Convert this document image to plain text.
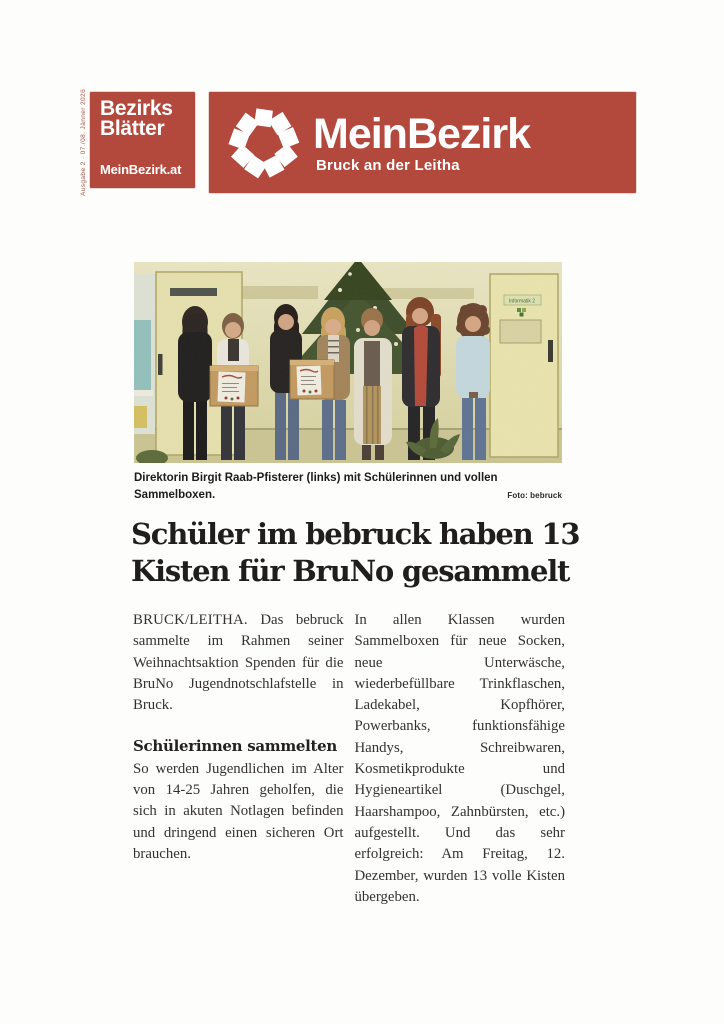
Ausgabe 2 · 07./08. Jänner 2026 Bezirks
Blätter
MeinBezirk.at
MeinBezirk
Bruck an der Leitha

Direktorin Birgit Raab-Pfisterer (links) mit Schülerinnen und vollen Sammelboxen.	Foto: bebruck
Schüler im bebruck haben 13 Kisten für BruNo gesammelt

BRUCK/LEITHA. Das bebruck sammelte im Rahmen seiner Weihnachtsaktion Spenden für die BruNo Jugendnotschlafstelle in Bruck.

Schülerinnen sammelten

So werden Jugendlichen im Alter von 14-25 Jahren geholfen, die sich in akuten Notlagen befinden und dringend einen sicheren Ort brauchen.

In allen Klassen wurden Sammelboxen für neue Socken, neue Unterwäsche, wiederbefüllbare Trinkflaschen, Ladekabel, Kopfhörer, Powerbanks, funktionsfähige Handys, Schreibwaren, Kosmetikprodukte und Hygieneartikel (Duschgel, Haarshampoo, Zahnbürsten, etc.) aufgestellt. Und das sehr erfolgreich: Am Freitag, 12. Dezember, wurden 13 volle Kisten übergeben.
